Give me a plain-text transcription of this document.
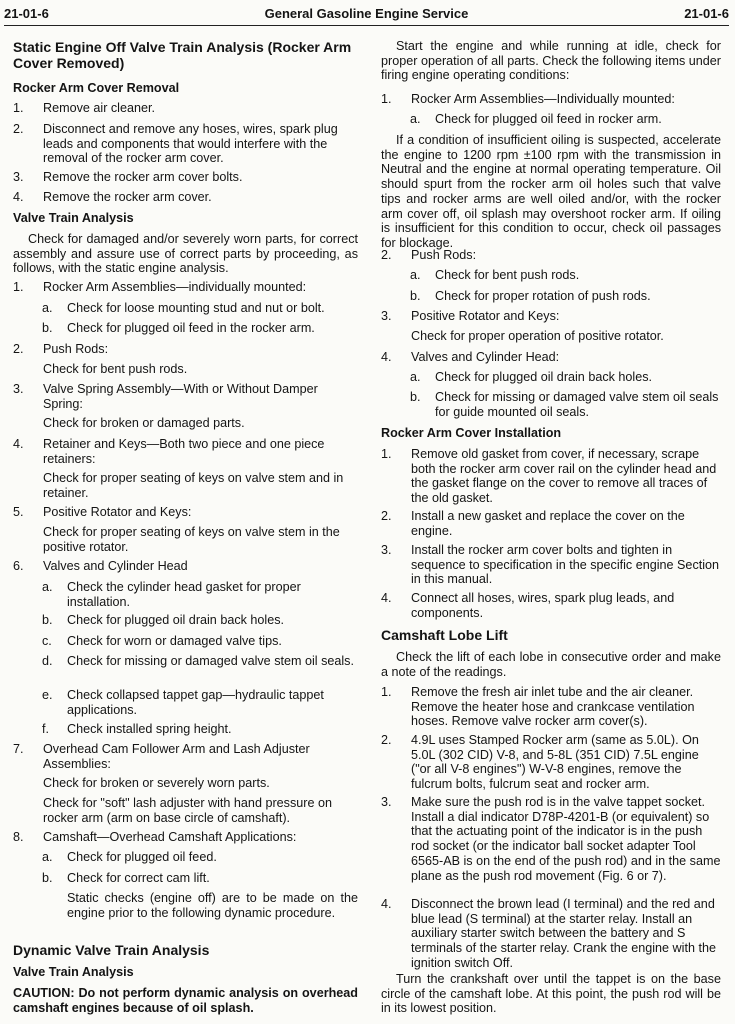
21-01-6	General Gasoline Engine Service	21-01-6
Static Engine Off Valve Train Analysis (Rocker Arm Cover Removed)
Rocker Arm Cover Removal
1. Remove air cleaner.
2. Disconnect and remove any hoses, wires, spark plug leads and components that would interfere with the removal of the rocker arm cover.
3. Remove the rocker arm cover bolts.
4. Remove the rocker arm cover.
Valve Train Analysis
Check for damaged and/or severely worn parts, for correct assembly and assure use of correct parts by proceeding, as follows, with the static engine analysis.
1. Rocker Arm Assemblies—individually mounted:
a. Check for loose mounting stud and nut or bolt.
b. Check for plugged oil feed in the rocker arm.
2. Push Rods:
Check for bent push rods.
3. Valve Spring Assembly—With or Without Damper Spring:
Check for broken or damaged parts.
4. Retainer and Keys—Both two piece and one piece retainers:
Check for proper seating of keys on valve stem and in retainer.
5. Positive Rotator and Keys:
Check for proper seating of keys on valve stem in the positive rotator.
6. Valves and Cylinder Head
a. Check the cylinder head gasket for proper installation.
b. Check for plugged oil drain back holes.
c. Check for worn or damaged valve tips.
d. Check for missing or damaged valve stem oil seals.
e. Check collapsed tappet gap—hydraulic tappet applications.
f. Check installed spring height.
7. Overhead Cam Follower Arm and Lash Adjuster Assemblies:
Check for broken or severely worn parts.
Check for "soft" lash adjuster with hand pressure on rocker arm (arm on base circle of camshaft).
8. Camshaft—Overhead Camshaft Applications:
a. Check for plugged oil feed.
b. Check for correct cam lift.
Static checks (engine off) are to be made on the engine prior to the following dynamic procedure.
Dynamic Valve Train Analysis
Valve Train Analysis
CAUTION: Do not perform dynamic analysis on overhead camshaft engines because of oil splash.
Start the engine and while running at idle, check for proper operation of all parts. Check the following items under firing engine operating conditions:
1. Rocker Arm Assemblies—Individually mounted:
a. Check for plugged oil feed in rocker arm.
If a condition of insufficient oiling is suspected, accelerate the engine to 1200 rpm ±100 rpm with the transmission in Neutral and the engine at normal operating temperature. Oil should spurt from the rocker arm oil holes such that valve tips and rocker arms are well oiled and/or, with the rocker arm cover off, oil splash may overshoot rocker arm. If oiling is insufficient for this condition to occur, check oil passages for blockage.
2. Push Rods:
a. Check for bent push rods.
b. Check for proper rotation of push rods.
3. Positive Rotator and Keys:
Check for proper operation of positive rotator.
4. Valves and Cylinder Head:
a. Check for plugged oil drain back holes.
b. Check for missing or damaged valve stem oil seals for guide mounted oil seals.
Rocker Arm Cover Installation
1. Remove old gasket from cover, if necessary, scrape both the rocker arm cover rail on the cylinder head and the gasket flange on the cover to remove all traces of the old gasket.
2. Install a new gasket and replace the cover on the engine.
3. Install the rocker arm cover bolts and tighten in sequence to specification in the specific engine Section in this manual.
4. Connect all hoses, wires, spark plug leads, and components.
Camshaft Lobe Lift
Check the lift of each lobe in consecutive order and make a note of the readings.
1. Remove the fresh air inlet tube and the air cleaner. Remove the heater hose and crankcase ventilation hoses. Remove valve rocker arm cover(s).
2. 4.9L uses Stamped Rocker arm (same as 5.0L). On 5.0L (302 CID) V-8, and 5-8L (351 CID) 7.5L engine ("or all V-8 engines") W-V-8 engines, remove the fulcrum bolts, fulcrum seat and rocker arm.
3. Make sure the push rod is in the valve tappet socket. Install a dial indicator D78P-4201-B (or equivalent) so that the actuating point of the indicator is in the push rod socket (or the indicator ball socket adapter Tool 6565-AB is on the end of the push rod) and in the same plane as the push rod movement (Fig. 6 or 7).
4. Disconnect the brown lead (I terminal) and the red and blue lead (S terminal) at the starter relay. Install an auxiliary starter switch between the battery and S terminals of the starter relay. Crank the engine with the ignition switch Off.
Turn the crankshaft over until the tappet is on the base circle of the camshaft lobe. At this point, the push rod will be in its lowest position.
